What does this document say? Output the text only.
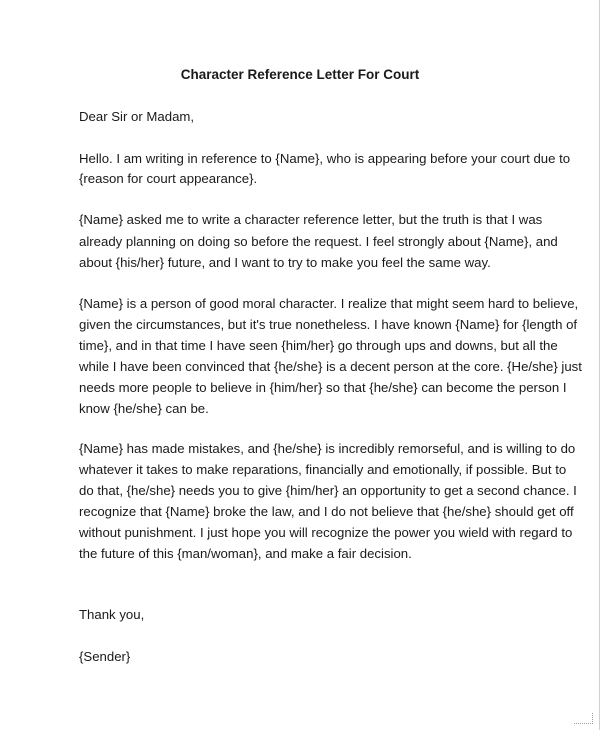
Character Reference Letter For Court

Dear Sir or Madam,

Hello. I am writing in reference to {Name}, who is appearing before your court due to

{reason for court appearance}.

{Name} asked me to write a character reference letter, but the truth is that I was

already planning on doing so before the request. I feel strongly about {Name}, and

about {his/her} future, and I want to try to make you feel the same way.

{Name} is a person of good moral character. I realize that might seem hard to believe,

given the circumstances, but it's true nonetheless. I have known {Name} for {length of

time}, and in that time I have seen {him/her} go through ups and downs, but all the

while I have been convinced that {he/she} is a decent person at the core. {He/she} just

needs more people to believe in {him/her} so that {he/she} can become the person I

know {he/she} can be.

{Name} has made mistakes, and {he/she} is incredibly remorseful, and is willing to do

whatever it takes to make reparations, financially and emotionally, if possible. But to

do that, {he/she} needs you to give {him/her} an opportunity to get a second chance. I

recognize that {Name} broke the law, and I do not believe that {he/she} should get off

without punishment. I just hope you will recognize the power you wield with regard to

the future of this {man/woman}, and make a fair decision.

Thank you,

{Sender}
